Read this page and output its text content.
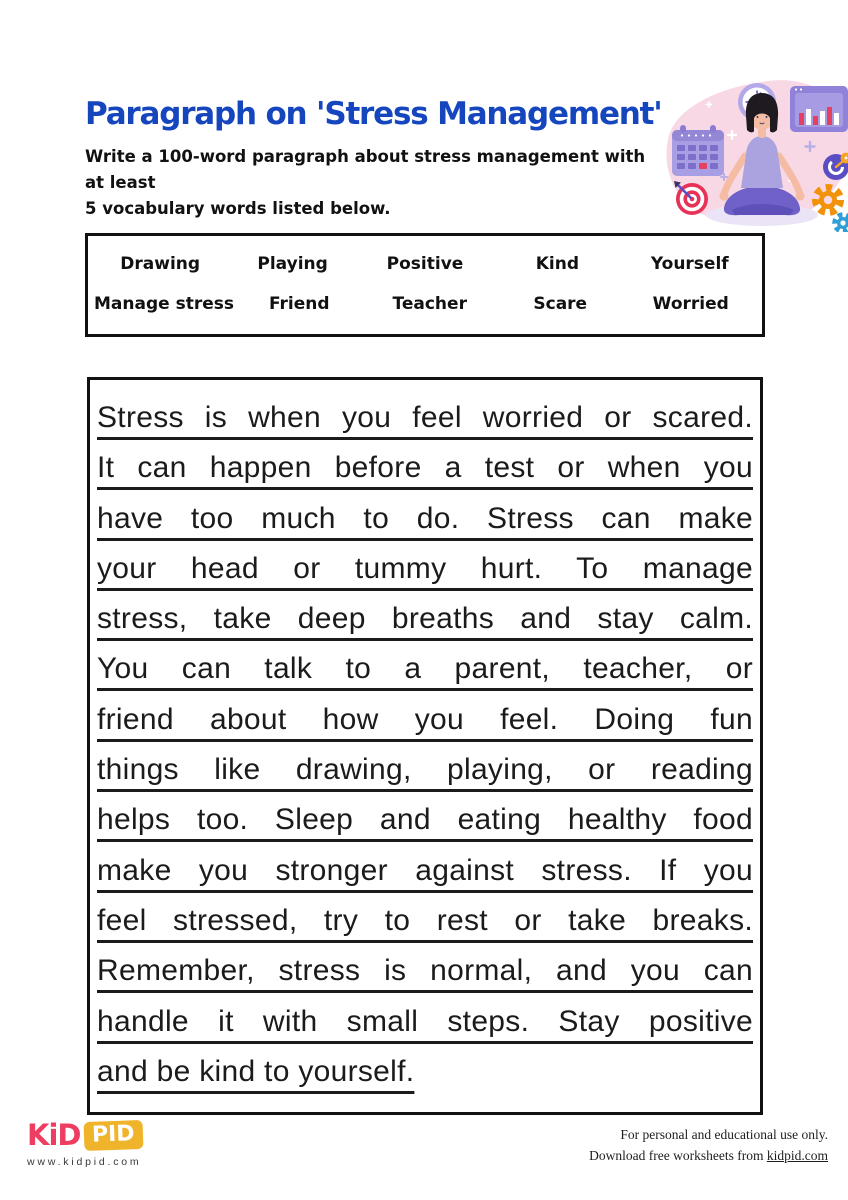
Paragraph on 'Stress Management'
Write a 100-word paragraph about stress management with at least
5 vocabulary words listed below.
Drawing	Playing	Positive	Kind	Yourself
Manage stress	Friend	Teacher	Scare	Worried
Stress is when you feel worried or scared.
It can happen before a test or when you
have too much to do. Stress can make
your head or tummy hurt. To manage
stress, take deep breaths and stay calm.
You can talk to a parent, teacher, or
friend about how you feel. Doing fun
things like drawing, playing, or reading
helps too. Sleep and eating healthy food
make you stronger against stress. If you
feel stressed, try to rest or take breaks.
Remember, stress is normal, and you can
handle it with small steps. Stay positive
and be kind to yourself.
KiD PID
www.kidpid.com
For personal and educational use only.
Download free worksheets from kidpid.com
